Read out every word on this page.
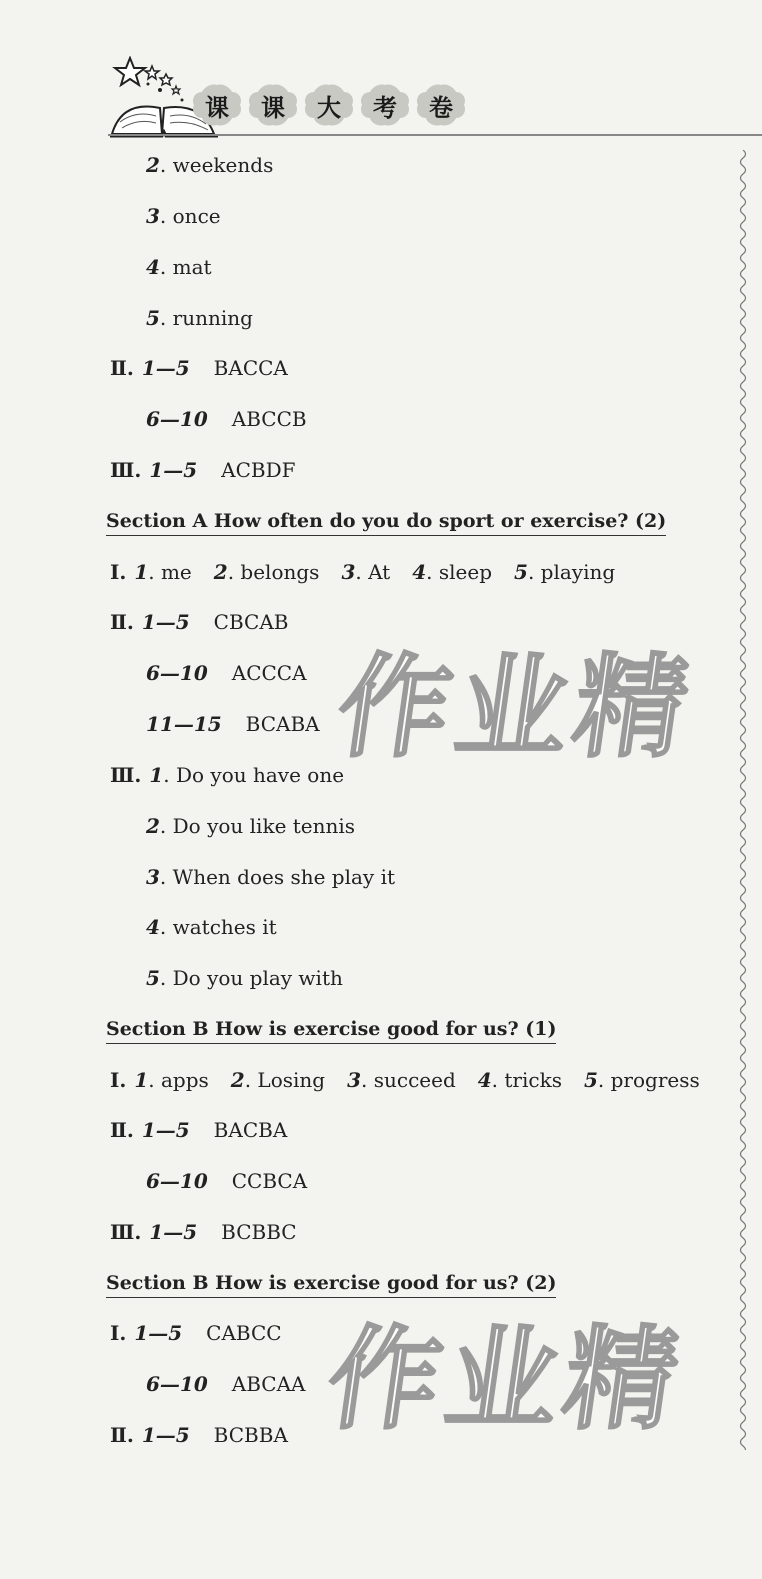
课 课 大 考 卷
作业精
作业精
2. weekends
3. once
4. mat
5. running
Ⅱ. 1—5 BACCA
6—10 ABCCB
Ⅲ. 1—5 ACBDF
Section A How often do you do sport or exercise? (2)
Ⅰ. 1. me 2. belongs 3. At 4. sleep 5. playing
Ⅱ. 1—5 CBCAB
6—10 ACCCA
11—15 BCABA
Ⅲ. 1. Do you have one
2. Do you like tennis
3. When does she play it
4. watches it
5. Do you play with
Section B How is exercise good for us? (1)
Ⅰ. 1. apps 2. Losing 3. succeed 4. tricks 5. progress
Ⅱ. 1—5 BACBA
6—10 CCBCA
Ⅲ. 1—5 BCBBC
Section B How is exercise good for us? (2)
Ⅰ. 1—5 CABCC
6—10 ABCAA
Ⅱ. 1—5 BCBBA
